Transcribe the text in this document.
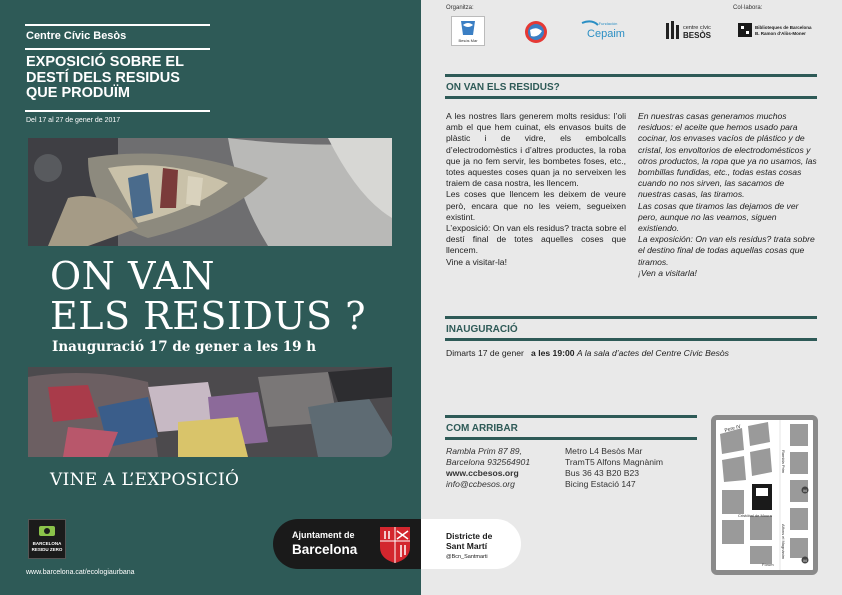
Centre Cívic Besòs
EXPOSICIÓ SOBRE EL
DESTÍ DELS RESIDUS
QUE PRODUÏM
Del 17 al 27 de gener de 2017
ON VAN
ELS RESIDUS ?
Inauguració 17 de gener a les 19 h
VINE A L’EXPOSICIÓ
BARCELONA
RESIDU ZERO
www.barcelona.cat/ecologiaurbana
Organitza:	Col·labora:
Besòs Mar
Fundación
Cepaim	centre cívic
BESÒS
Biblioteques de Barcelona
B. Ramon d'Alòs-Moner
ON VAN ELS RESIDUS?

A les nostres llars generem molts residus: l’oli amb el que hem cuinat, els envasos buits de plàstic i de vidre, els embolcalls d’electrodomèstics i d’altres productes, la roba que ja no fem servir, les bombetes foses, etc., totes aquestes coses quan ja no serveixen les traiem de casa nostra, les llencem.

Les coses que llencem les deixem de veure però, encara que no les veiem, segueixen existint.

L’exposició: On van els residus? tracta sobre el destí final de totes aquelles coses que llencem.

Vine a visitar-la!

En nuestras casas generamos muchos residuos: el aceite que hemos usado para cocinar, los envases vacíos de plástico y de cristal, los envoltorios de electrodomésticos y otros productos, la ropa que ya no usamos, las bombillas fundidas, etc., todas estas cosas cuando no nos sirven, las sacamos de nuestras casas, las tiramos.

Las cosas que tiramos las dejamos de ver pero, aunque no las veamos, siguen existiendo.

La exposición: On van els residus? trata sobre el destino final de todas aquellas cosas que tiramos.

¡Ven a visitarla!

INAUGURACIÓ
Dimarts 17 de gener a les 19:00 A la sala d’actes del Centre Cívic Besòs
COM ARRIBAR
Rambla Prim 87 89,
Barcelona 932564901
www.ccbesos.org
info@ccbesos.org
Metro L4 Besòs Mar
TramT5 Alfons Magnànim
Bus 36 43 B20 B23
Bicing Estació 147
Pere IV
Rambla Prim
Alfons el Magnànim
Cristóbal de Moura
Fòrum
M
M
Ajuntament de
Barcelona
Districte de
Sant Martí
@Bcn_Santmarti
